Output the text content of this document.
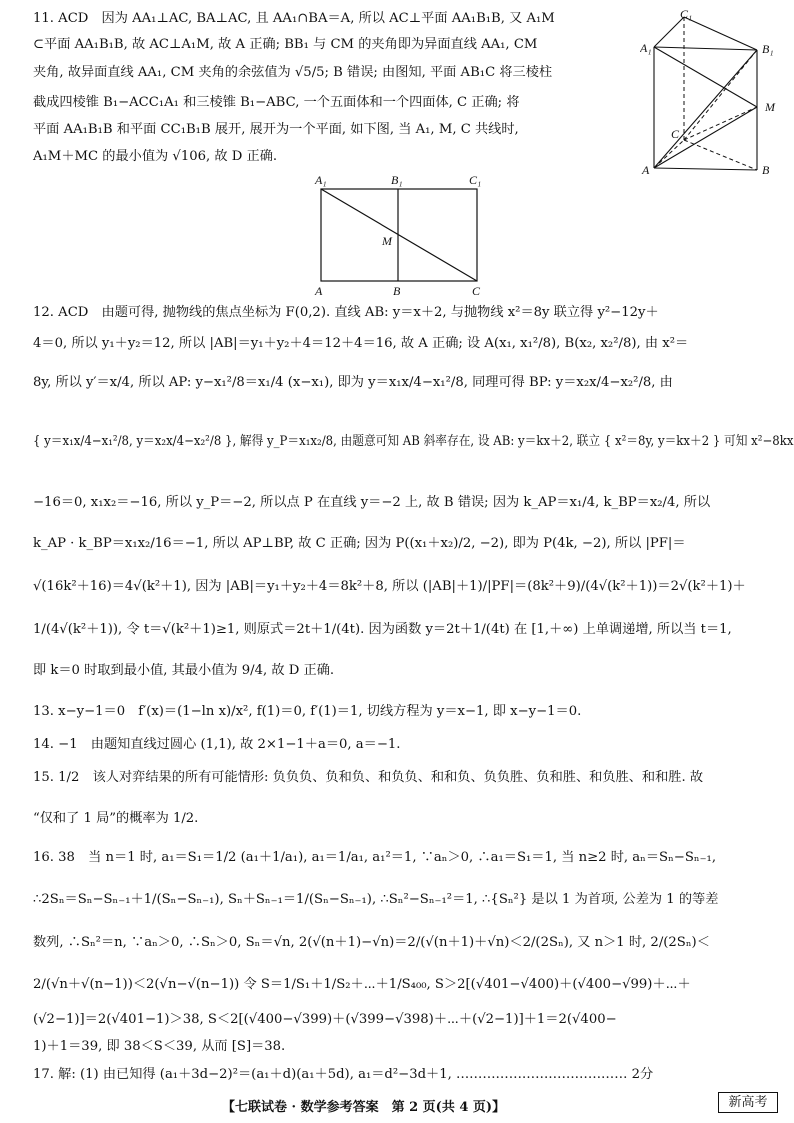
11. ACD　因为 AA₁⊥AC, BA⊥AC, 且 AA₁∩BA＝A, 所以 AC⊥平面 AA₁B₁B, 又 A₁M
⊂平面 AA₁B₁B, 故 AC⊥A₁M, 故 A 正确; BB₁ 与 CM 的夹角即为异面直线 AA₁, CM
夹角, 故异面直线 AA₁, CM 夹角的余弦值为 √5/5; B 错误; 由图知, 平面 AB₁C 将三棱柱
截成四棱锥 B₁−ACC₁A₁ 和三棱锥 B₁−ABC, 一个五面体和一个四面体, C 正确; 将
平面 AA₁B₁B 和平面 CC₁B₁B 展开, 展开为一个平面, 如下图, 当 A₁, M, C 共线时,
A₁M＋MC 的最小值为 √106, 故 D 正确.
C₁
A₁	B₁
M
C
A	B
A₁	B₁	C₁
M
A	B	C
12. ACD　由题可得, 抛物线的焦点坐标为 F(0,2). 直线 AB: y＝x＋2, 与抛物线 x²＝8y 联立得 y²−12y＋
4＝0, 所以 y₁＋y₂＝12, 所以 |AB|＝y₁＋y₂＋4＝12＋4＝16, 故 A 正确; 设 A(x₁, x₁²/8), B(x₂, x₂²/8), 由 x²＝
8y, 所以 y′＝x/4, 所以 AP: y−x₁²/8＝x₁/4 (x−x₁), 即为 y＝x₁x/4−x₁²/8, 同理可得 BP: y＝x₂x/4−x₂²/8, 由
{ y＝x₁x/4−x₁²/8, y＝x₂x/4−x₂²/8 }, 解得 y_P＝x₁x₂/8, 由题意可知 AB 斜率存在, 设 AB: y＝kx＋2, 联立 { x²＝8y, y＝kx＋2 } 可知 x²−8kx
−16＝0, x₁x₂＝−16, 所以 y_P＝−2, 所以点 P 在直线 y＝−2 上, 故 B 错误; 因为 k_AP＝x₁/4, k_BP＝x₂/4, 所以
k_AP · k_BP＝x₁x₂/16＝−1, 所以 AP⊥BP, 故 C 正确; 因为 P((x₁＋x₂)/2, −2), 即为 P(4k, −2), 所以 |PF|＝
√(16k²＋16)＝4√(k²＋1), 因为 |AB|＝y₁＋y₂＋4＝8k²＋8, 所以 (|AB|＋1)/|PF|＝(8k²＋9)/(4√(k²＋1))＝2√(k²＋1)＋
1/(4√(k²＋1)), 令 t＝√(k²＋1)≥1, 则原式＝2t＋1/(4t). 因为函数 y＝2t＋1/(4t) 在 [1,＋∞) 上单调递增, 所以当 t＝1,
即 k＝0 时取到最小值, 其最小值为 9/4, 故 D 正确.
13. x−y−1＝0　f′(x)＝(1−ln x)/x², f(1)＝0, f′(1)＝1, 切线方程为 y＝x−1, 即 x−y−1＝0.
14. −1　由题知直线过圆心 (1,1), 故 2×1−1＋a＝0, a＝−1.
15. 1/2　该人对弈结果的所有可能情形: 负负负、负和负、和负负、和和负、负负胜、负和胜、和负胜、和和胜. 故
“仅和了 1 局”的概率为 1/2.
16. 38　当 n＝1 时, a₁＝S₁＝1/2 (a₁＋1/a₁), a₁＝1/a₁, a₁²＝1, ∵aₙ＞0, ∴a₁＝S₁＝1, 当 n≥2 时, aₙ＝Sₙ−Sₙ₋₁,
∴2Sₙ＝Sₙ−Sₙ₋₁＋1/(Sₙ−Sₙ₋₁), Sₙ＋Sₙ₋₁＝1/(Sₙ−Sₙ₋₁), ∴Sₙ²−Sₙ₋₁²＝1, ∴{Sₙ²} 是以 1 为首项, 公差为 1 的等差
数列, ∴Sₙ²＝n, ∵aₙ＞0, ∴Sₙ＞0, Sₙ＝√n, 2(√(n＋1)−√n)＝2/(√(n＋1)＋√n)＜2/(2Sₙ), 又 n＞1 时, 2/(2Sₙ)＜
2/(√n＋√(n−1))＜2(√n−√(n−1)) 令 S＝1/S₁＋1/S₂＋⋯＋1/S₄₀₀, S＞2[(√401−√400)＋(√400−√99)＋⋯＋
(√2−1)]＝2(√401−1)＞38, S＜2[(√400−√399)＋(√399−√398)＋⋯＋(√2−1)]＋1＝2(√400−
1)＋1＝39, 即 38＜S＜39, 从而 [S]＝38.
17. 解: (1) 由已知得 (a₁＋3d−2)²＝(a₁＋d)(a₁＋5d), a₁＝d²−3d＋1, ………………………………… 2分
【七联试卷 · 数学参考答案　第 2 页(共 4 页)】	新高考
